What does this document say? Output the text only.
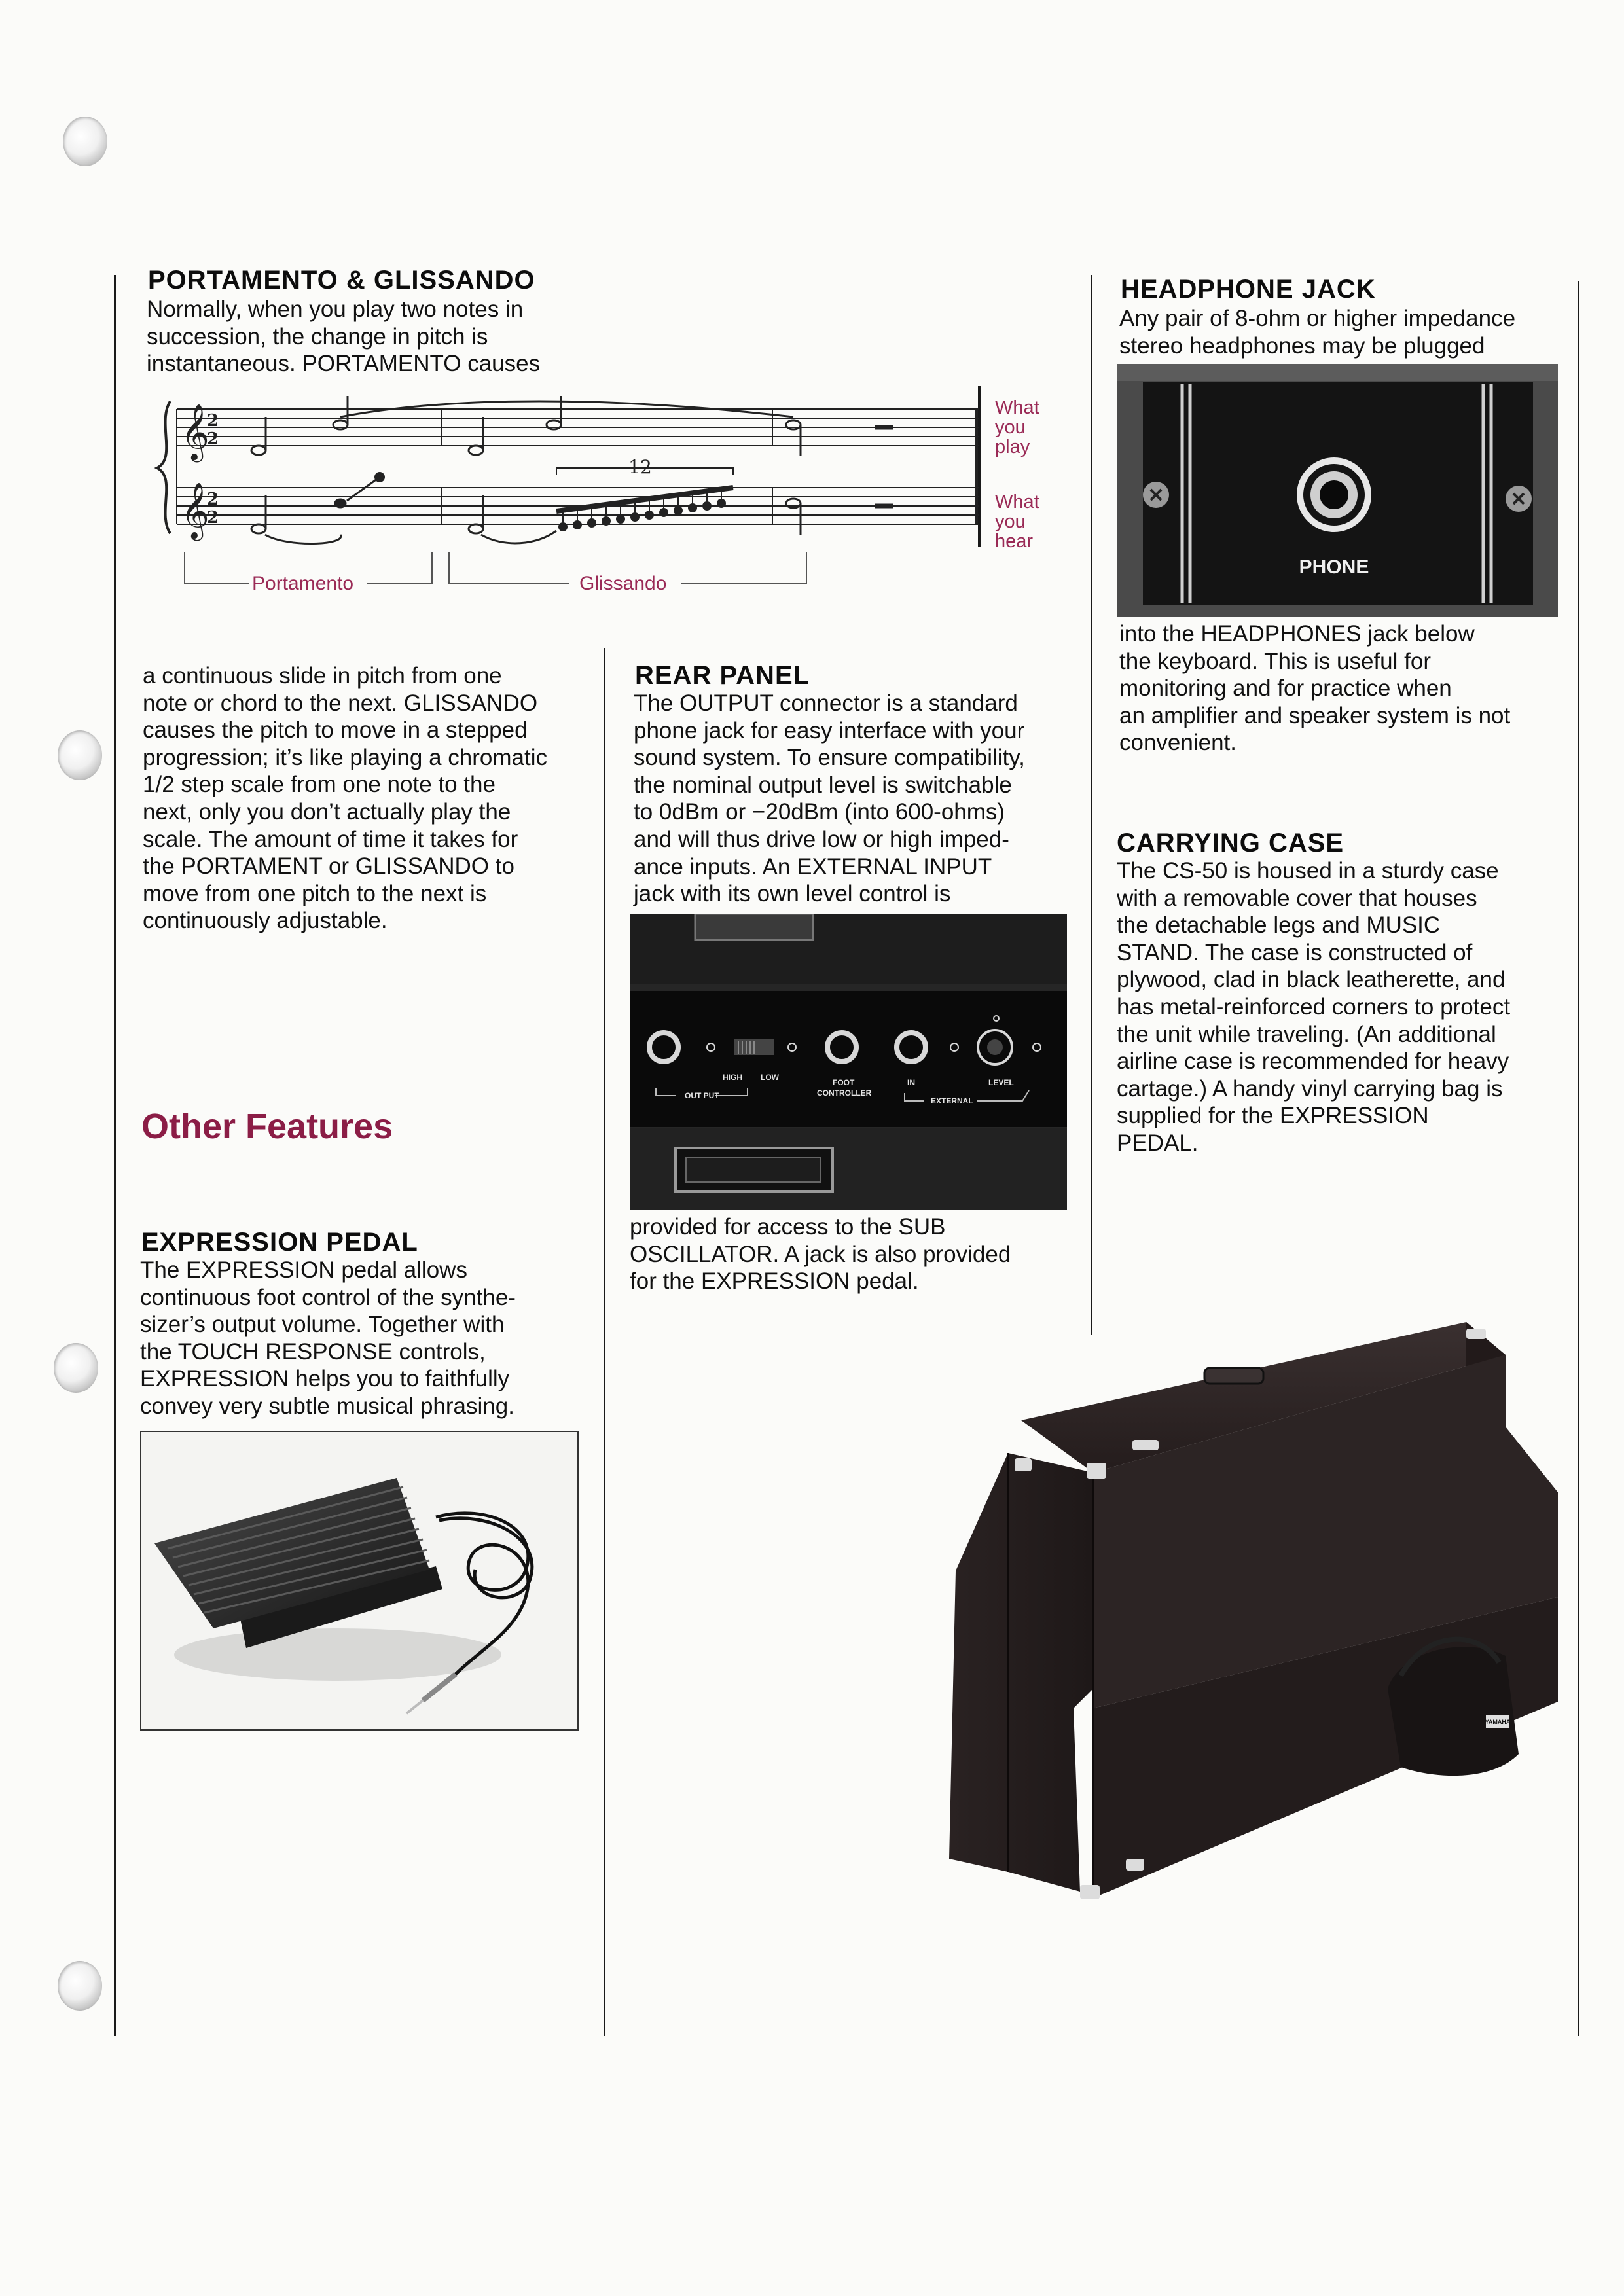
PORTAMENTO & GLISSANDO
Normally, when you play two notes in
succession, the change in pitch is
instantaneous. PORTAMENTO causes
𝄞
𝄞
2
2
2
2
12
Portamento	Glissando
What
you
play
What
you
hear
a continuous slide in pitch from one
note or chord to the next. GLISSANDO
causes the pitch to move in a stepped
progression; it’s like playing a chromatic
1/2 step scale from one note to the
next, only you don’t actually play the
scale. The amount of time it takes for
the PORTAMENT or GLISSANDO to
move from one pitch to the next is
continuously adjustable.
Other Features
EXPRESSION PEDAL
The EXPRESSION pedal allows
continuous foot control of the synthe-
sizer’s output volume. Together with
the TOUCH RESPONSE controls,
EXPRESSION helps you to faithfully
convey very subtle musical phrasing.
REAR PANEL
The OUTPUT connector is a standard
phone jack for easy interface with your
sound system. To ensure compatibility,
the nominal output level is switchable
to 0dBm or −20dBm (into 600-ohms)
and will thus drive low or high imped-
ance inputs. An EXTERNAL INPUT
jack with its own level control is
HIGH LOW
OUT PUT
FOOT
CONTROLLER
IN
EXTERNAL
LEVEL
provided for access to the SUB
OSCILLATOR. A jack is also provided
for the EXPRESSION pedal.
HEADPHONE JACK
Any pair of 8-ohm or higher impedance
stereo headphones may be plugged
PHONE
into the HEADPHONES jack below
the keyboard. This is useful for
monitoring and for practice when
an amplifier and speaker system is not
convenient.
CARRYING CASE
The CS-50 is housed in a sturdy case
with a removable cover that houses
the detachable legs and MUSIC
STAND. The case is constructed of
plywood, clad in black leatherette, and
has metal-reinforced corners to protect
the unit while traveling. (An additional
airline case is recommended for heavy
cartage.) A handy vinyl carrying bag is
supplied for the EXPRESSION
PEDAL.
YAMAHA
